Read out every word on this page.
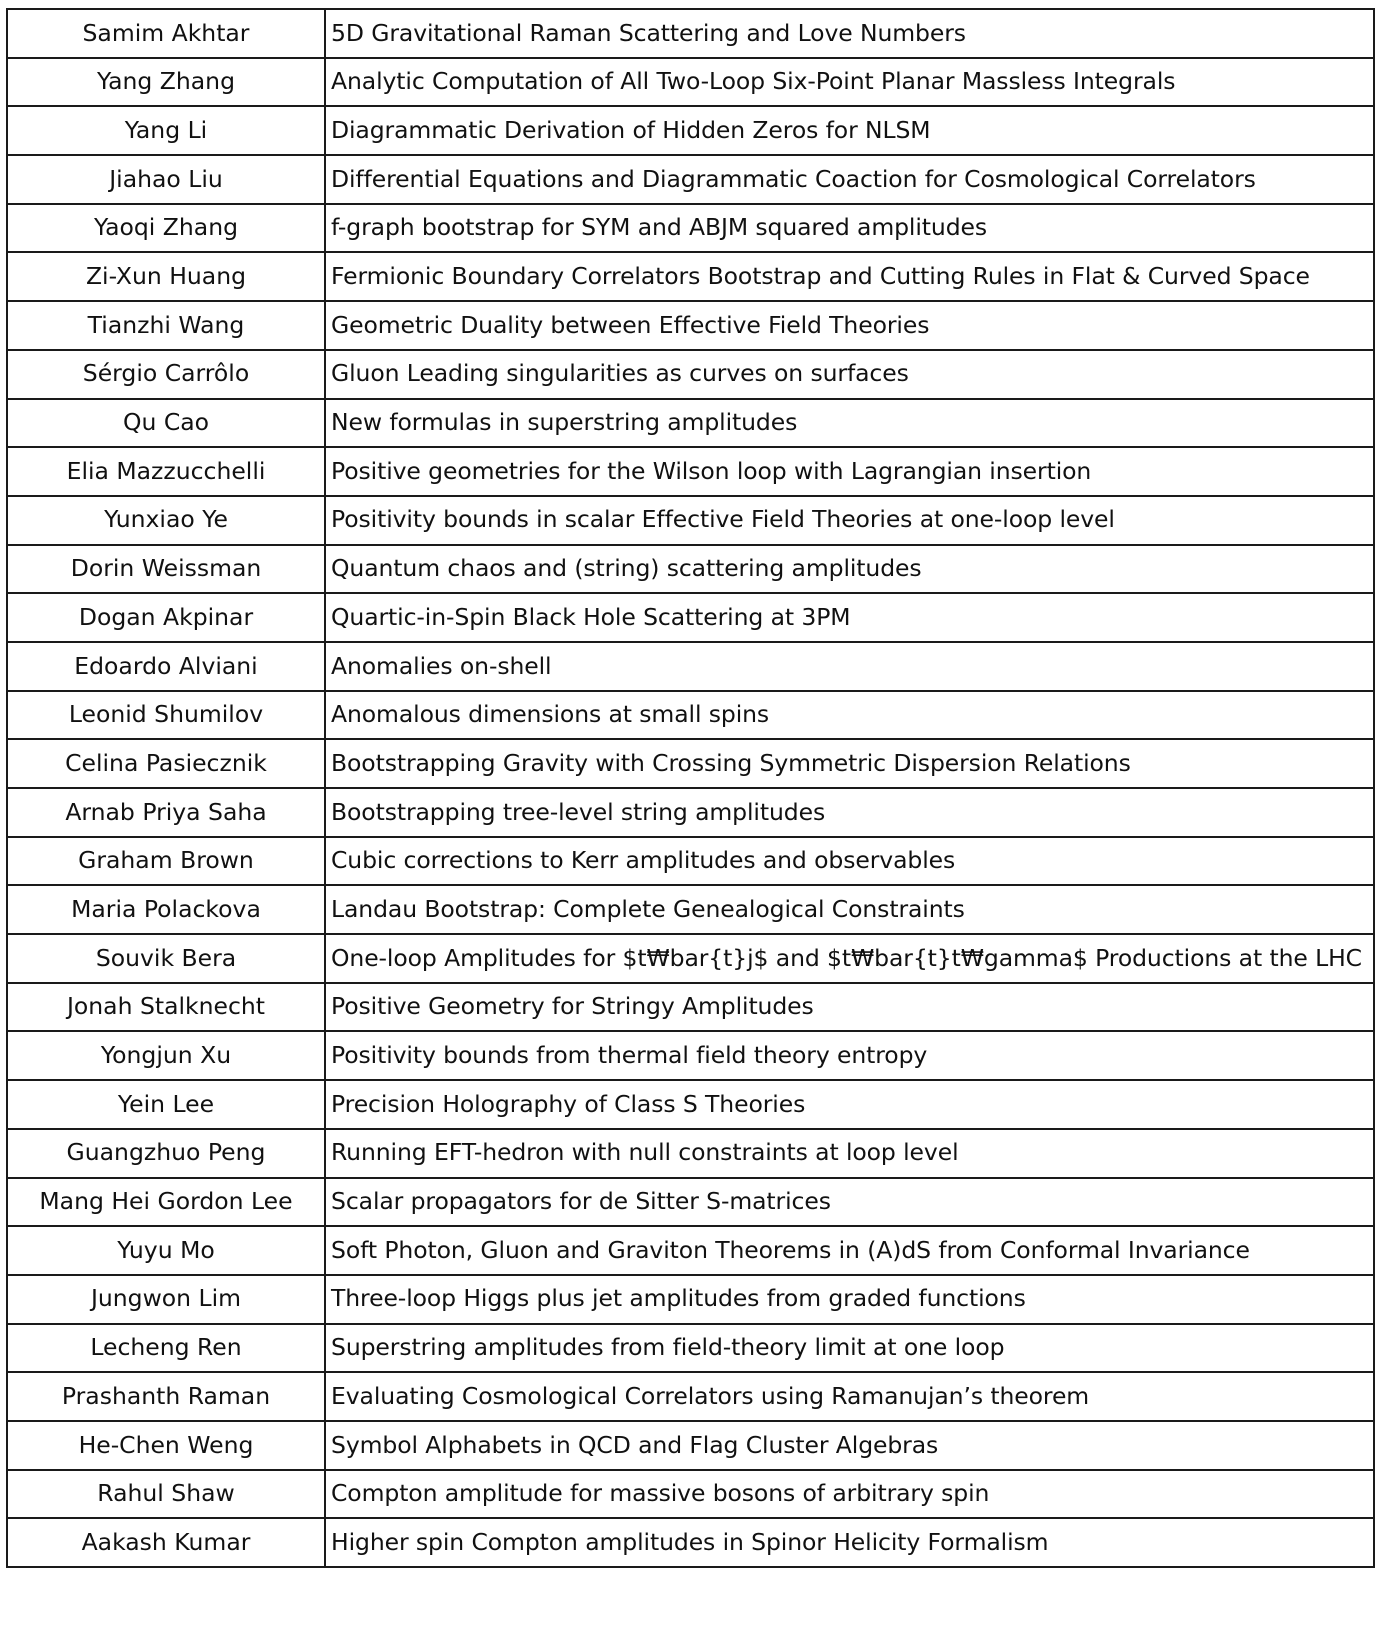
Samim Akhtar	5D Gravitational Raman Scattering and Love Numbers
Yang Zhang	Analytic Computation of All Two-Loop Six-Point Planar Massless Integrals
Yang Li	Diagrammatic Derivation of Hidden Zeros for NLSM
Jiahao Liu	Differential Equations and Diagrammatic Coaction for Cosmological Correlators
Yaoqi Zhang	f-graph bootstrap for SYM and ABJM squared amplitudes
Zi-Xun Huang	Fermionic Boundary Correlators Bootstrap and Cutting Rules in Flat & Curved Space
Tianzhi Wang	Geometric Duality between Effective Field Theories
Sérgio Carrôlo	Gluon Leading singularities as curves on surfaces
Qu Cao	New formulas in superstring amplitudes
Elia Mazzucchelli	Positive geometries for the Wilson loop with Lagrangian insertion
Yunxiao Ye	Positivity bounds in scalar Effective Field Theories at one-loop level
Dorin Weissman	Quantum chaos and (string) scattering amplitudes
Dogan Akpinar	Quartic-in-Spin Black Hole Scattering at 3PM
Edoardo Alviani	Anomalies on-shell
Leonid Shumilov	Anomalous dimensions at small spins
Celina Pasiecznik	Bootstrapping Gravity with Crossing Symmetric Dispersion Relations
Arnab Priya Saha	Bootstrapping tree-level string amplitudes
Graham Brown	Cubic corrections to Kerr amplitudes and observables
Maria Polackova	Landau Bootstrap: Complete Genealogical Constraints
Souvik Bera	One-loop Amplitudes for $t₩bar{t}j$ and $t₩bar{t}t₩gamma$ Productions at the LHC
Jonah Stalknecht	Positive Geometry for Stringy Amplitudes
Yongjun Xu	Positivity bounds from thermal field theory entropy
Yein Lee	Precision Holography of Class S Theories
Guangzhuo Peng	Running EFT-hedron with null constraints at loop level
Mang Hei Gordon Lee	Scalar propagators for de Sitter S-matrices
Yuyu Mo	Soft Photon, Gluon and Graviton Theorems in (A)dS from Conformal Invariance
Jungwon Lim	Three-loop Higgs plus jet amplitudes from graded functions
Lecheng Ren	Superstring amplitudes from field-theory limit at one loop
Prashanth Raman	Evaluating Cosmological Correlators using Ramanujan’s theorem
He-Chen Weng	Symbol Alphabets in QCD and Flag Cluster Algebras
Rahul Shaw	Compton amplitude for massive bosons of arbitrary spin
Aakash Kumar	Higher spin Compton amplitudes in Spinor Helicity Formalism
